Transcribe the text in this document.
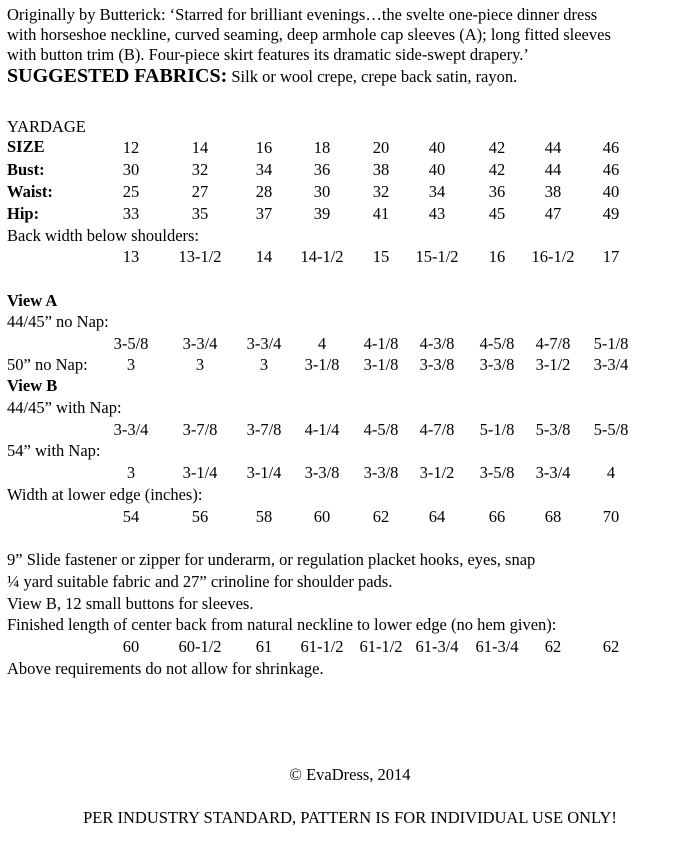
Originally by Butterick: ‘Starred for brilliant evenings…the svelte one-piece dinner dress
with horseshoe neckline, curved seaming, deep armhole cap sleeves (A); long fitted sleeves
with button trim (B). Four-piece skirt features its dramatic side-swept drapery.’
SUGGESTED FABRICS: Silk or wool crepe, crepe back satin, rayon.
YARDAGE
SIZE	12	14	16	18	20 40	42 44	46
Bust:	30	32	34	36	38 40	42 44	46
Waist:	25	27	28	30	32 34	36 38	40
Hip:	33	35	37	39	41 43	45 47	49
Back width below shoulders:
13 13-1/2 14 14-1/2 15 15-1/2 16 16-1/2 17
View A
44/45” no Nap:
3-5/8 3-3/4 3-3/4 4 4-1/8 4-3/8 4-5/8 4-7/8 5-1/8
50” no Nap: 3	3	3 3-1/8 3-1/8 3-3/8 3-3/8 3-1/2 3-3/4
View B
44/45” with Nap:
3-3/4 3-7/8 3-7/8 4-1/4 4-5/8 4-7/8 5-1/8 5-3/8 5-5/8
54” with Nap:
3	3-1/4 3-1/4 3-3/8 3-3/8 3-1/2 3-5/8 3-3/4 4
Width at lower edge (inches):
54	56	58	60	62 64	66 68	70
9” Slide fastener or zipper for underarm, or regulation placket hooks, eyes, snap
¼ yard suitable fabric and 27” crinoline for shoulder pads.
View B, 12 small buttons for sleeves.
Finished length of center back from natural neckline to lower edge (no hem given):
60 60-1/2 61 61-1/2 61-1/2 61-3/4 61-3/4 62	62
Above requirements do not allow for shrinkage.
© EvaDress, 2014
PER INDUSTRY STANDARD, PATTERN IS FOR INDIVIDUAL USE ONLY!
